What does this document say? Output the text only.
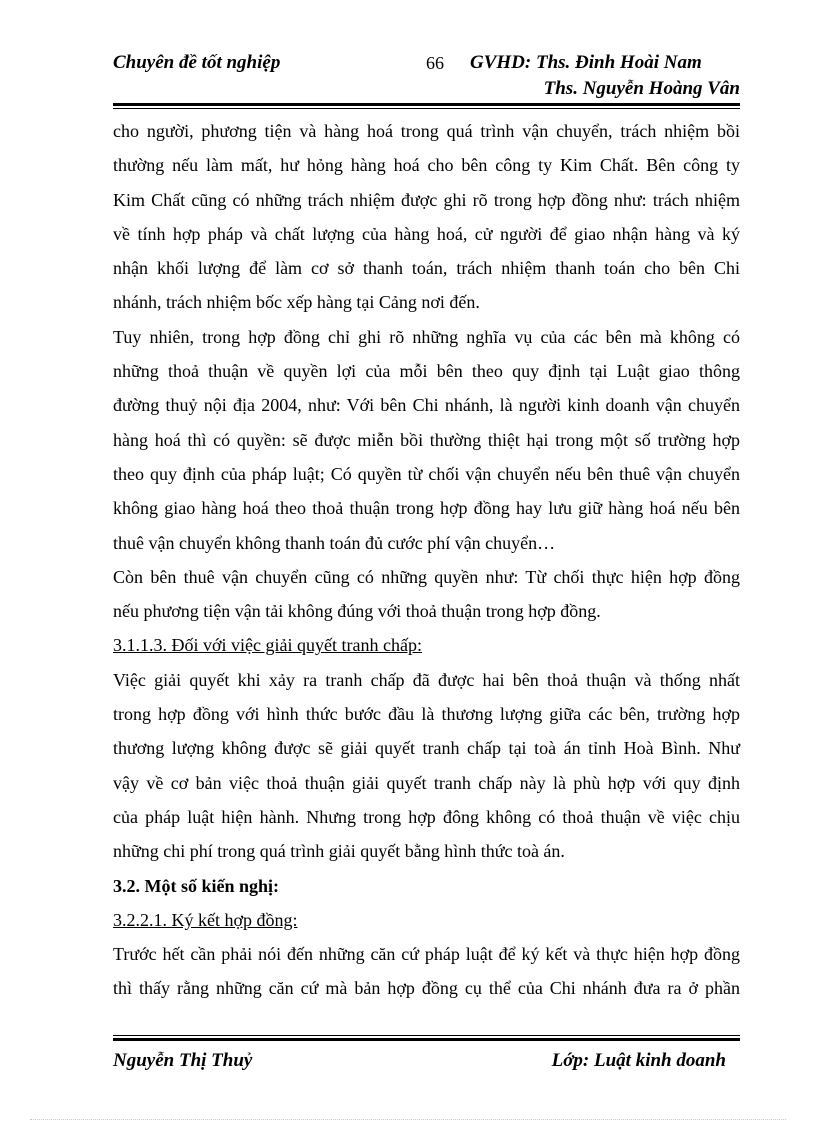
Chuyên đề tốt nghiệp	66 GVHD: Ths. Đinh Hoài Nam
Ths. Nguyễn Hoàng Vân

cho người, phương tiện và hàng hoá trong quá trình vận chuyển, trách nhiệm bồi
thường nếu làm mất, hư hỏng hàng hoá cho bên công ty Kim Chất. Bên công ty
Kim Chất cũng có những trách nhiệm được ghi rõ trong hợp đồng như: trách nhiệm
về tính hợp pháp và chất lượng của hàng hoá, cử người để giao nhận hàng và ký
nhận khối lượng để làm cơ sở thanh toán, trách nhiệm thanh toán cho bên Chi
nhánh, trách nhiệm bốc xếp hàng tại Cảng nơi đến.

Tuy nhiên, trong hợp đồng chỉ ghi rõ những nghĩa vụ của các bên mà không có
những thoả thuận về quyền lợi của mỗi bên theo quy định tại Luật giao thông
đường thuỷ nội địa 2004, như: Với bên Chi nhánh, là người kinh doanh vận chuyển
hàng hoá thì có quyền: sẽ được miễn bồi thường thiệt hại trong một số trường hợp
theo quy định của pháp luật; Có quyền từ chối vận chuyển nếu bên thuê vận chuyển
không giao hàng hoá theo thoả thuận trong hợp đồng hay lưu giữ hàng hoá nếu bên
thuê vận chuyển không thanh toán đủ cước phí vận chuyển…

Còn bên thuê vận chuyển cũng có những quyền như: Từ chối thực hiện hợp đồng
nếu phương tiện vận tải không đúng với thoả thuận trong hợp đồng.

3.1.1.3. Đối với việc giải quyết tranh chấp:

Việc giải quyết khi xảy ra tranh chấp đã được hai bên thoả thuận và thống nhất
trong hợp đồng với hình thức bước đầu là thương lượng giữa các bên, trường hợp
thương lượng không được sẽ giải quyết tranh chấp tại toà án tỉnh Hoà Bình. Như
vậy về cơ bản việc thoả thuận giải quyết tranh chấp này là phù hợp với quy định
của pháp luật hiện hành. Nhưng trong hợp đông không có thoả thuận về việc chịu
những chi phí trong quá trình giải quyết bằng hình thức toà án.

3.2. Một số kiến nghị:

3.2.2.1. Ký kết hợp đồng:

Trước hết cần phải nói đến những căn cứ pháp luật để ký kết và thực hiện hợp đồng
thì thấy rằng những căn cứ mà bản hợp đồng cụ thể của Chi nhánh đưa ra ở phần

Nguyễn Thị Thuỷ	Lớp: Luật kinh doanh
